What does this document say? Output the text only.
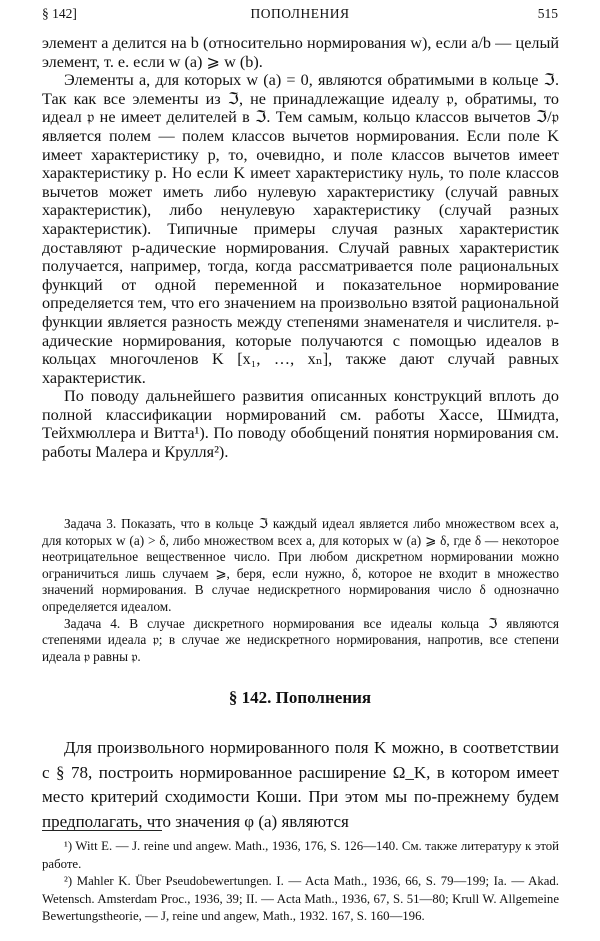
§ 142]	ПОПОЛНЕНИЯ	515

элемент a делится на b (относительно нормирования w), если a/b — целый элемент, т. е. если w (a) ⩾ w (b).

Элементы a, для которых w (a) = 0, являются обратимыми в кольце ℑ. Так как все элементы из ℑ, не принадлежащие идеалу 𝔭, обратимы, то идеал 𝔭 не имеет делителей в ℑ. Тем самым, кольцо классов вычетов ℑ/𝔭 является полем — полем классов вычетов нормирования. Если поле K имеет характеристику p, то, очевидно, и поле классов вычетов имеет характеристику p. Но если K имеет характеристику нуль, то поле классов вычетов может иметь либо нулевую характеристику (случай равных характеристик), либо ненулевую характеристику (случай разных характеристик). Типичные примеры случая разных характеристик доставляют p-адические нормирования. Случай равных характеристик получается, например, тогда, когда рассматривается поле рациональных функций от одной переменной и показательное нормирование определяется тем, что его значением на произвольно взятой рациональной функции является разность между степенями знаменателя и числителя. 𝔭-адические нормирования, которые получаются с помощью идеалов в кольцах многочленов K [x₁, …, xₙ], также дают случай равных характеристик.

По поводу дальнейшего развития описанных конструкций вплоть до полной классификации нормирований см. работы Хассе, Шмидта, Тейхмюллера и Витта¹). По поводу обобщений понятия нормирования см. работы Малера и Крулля²).

Задача 3. Показать, что в кольце ℑ каждый идеал является либо множеством всех a, для которых w (a) > δ, либо множеством всех a, для которых w (a) ⩾ δ, где δ — некоторое неотрицательное вещественное число. При любом дискретном нормировании можно ограничиться лишь случаем ⩾, беря, если нужно, δ, которое не входит в множество значений нормирования. В случае недискретного нормирования число δ однозначно определяется идеалом.

Задача 4. В случае дискретного нормирования все идеалы кольца ℑ являются степенями идеала 𝔭; в случае же недискретного нормирования, напротив, все степени идеала 𝔭 равны 𝔭.

§ 142. Пополнения

Для произвольного нормированного поля K можно, в соответствии с § 78, построить нормированное расширение Ω_K, в котором имеет место критерий сходимости Коши. При этом мы по-прежнему будем предполагать, что значения φ (a) являются

¹) Witt E. — J. reine und angew. Math., 1936, 176, S. 126—140. См. также литературу к этой работе.

²) Mahler K. Über Pseudobewertungen. I. — Acta Math., 1936, 66, S. 79—199; Ia. — Akad. Wetensch. Amsterdam Proc., 1936, 39; II. — Acta Math., 1936, 67, S. 51—80; Krull W. Allgemeine Bewertungstheorie, — J, reine und angew, Math., 1932. 167, S. 160—196.
